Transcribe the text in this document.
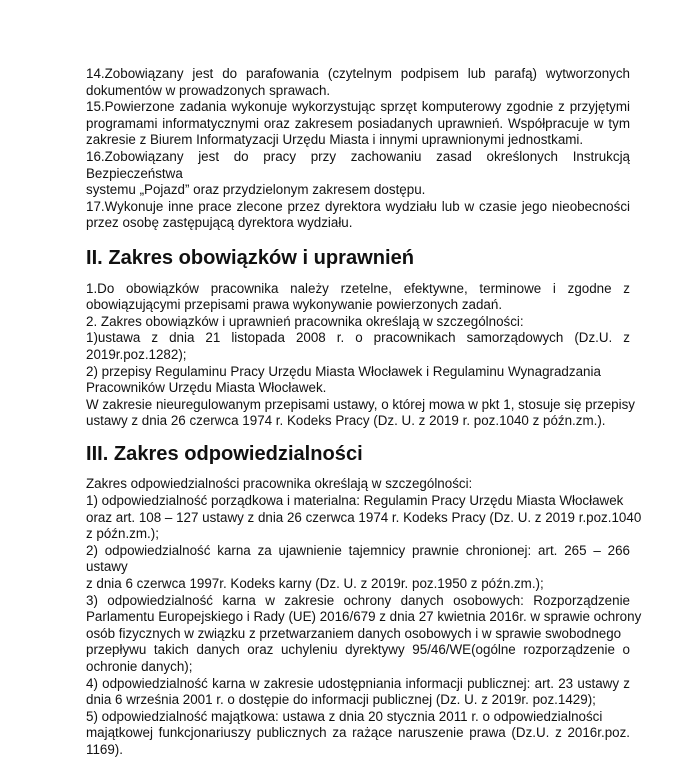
14.Zobowiązany jest do parafowania (czytelnym podpisem lub parafą) wytworzonych
dokumentów w prowadzonych sprawach.

15.Powierzone zadania wykonuje wykorzystując sprzęt komputerowy zgodnie z przyjętymi
programami informatycznymi oraz zakresem posiadanych uprawnień. Współpracuje w tym
zakresie z Biurem Informatyzacji Urzędu Miasta i innymi uprawnionymi jednostkami.

16.Zobowiązany jest do pracy przy zachowaniu zasad określonych Instrukcją Bezpieczeństwa
systemu „Pojazd” oraz przydzielonym zakresem dostępu.

17.Wykonuje inne prace zlecone przez dyrektora wydziału lub w czasie jego nieobecności
przez osobę zastępującą dyrektora wydziału.

II. Zakres obowiązków i uprawnień

1.Do obowiązków pracownika należy rzetelne, efektywne, terminowe i zgodne z
obowiązującymi przepisami prawa wykonywanie powierzonych zadań.

2. Zakres obowiązków i uprawnień pracownika określają w szczególności:

1)ustawa z dnia 21 listopada 2008 r. o pracownikach samorządowych (Dz.U. z
2019r.poz.1282);

2) przepisy Regulaminu Pracy Urzędu Miasta Włocławek i Regulaminu Wynagradzania
Pracowników Urzędu Miasta Włocławek.

W zakresie nieuregulowanym przepisami ustawy, o której mowa w pkt 1, stosuje się przepisy
ustawy z dnia 26 czerwca 1974 r. Kodeks Pracy (Dz. U. z 2019 r. poz.1040 z późn.zm.).

III. Zakres odpowiedzialności

Zakres odpowiedzialności pracownika określają w szczególności:

1) odpowiedzialność porządkowa i materialna: Regulamin Pracy Urzędu Miasta Włocławek
oraz art. 108 – 127 ustawy z dnia 26 czerwca 1974 r. Kodeks Pracy (Dz. U. z 2019 r.poz.1040
z późn.zm.);

2) odpowiedzialność karna za ujawnienie tajemnicy prawnie chronionej: art. 265 – 266 ustawy
z dnia 6 czerwca 1997r. Kodeks karny (Dz. U. z 2019r. poz.1950 z późn.zm.);

3) odpowiedzialność karna w zakresie ochrony danych osobowych: Rozporządzenie
Parlamentu Europejskiego i Rady (UE) 2016/679 z dnia 27 kwietnia 2016r. w sprawie ochrony
osób fizycznych w związku z przetwarzaniem danych osobowych i w sprawie swobodnego
przepływu takich danych oraz uchyleniu dyrektywy 95/46/WE(ogólne rozporządzenie o
ochronie danych);

4) odpowiedzialność karna w zakresie udostępniania informacji publicznej: art. 23 ustawy z
dnia 6 września 2001 r. o dostępie do informacji publicznej (Dz. U. z 2019r. poz.1429);

5) odpowiedzialność majątkowa: ustawa z dnia 20 stycznia 2011 r. o odpowiedzialności
majątkowej funkcjonariuszy publicznych za rażące naruszenie prawa (Dz.U. z 2016r.poz.
1169).
